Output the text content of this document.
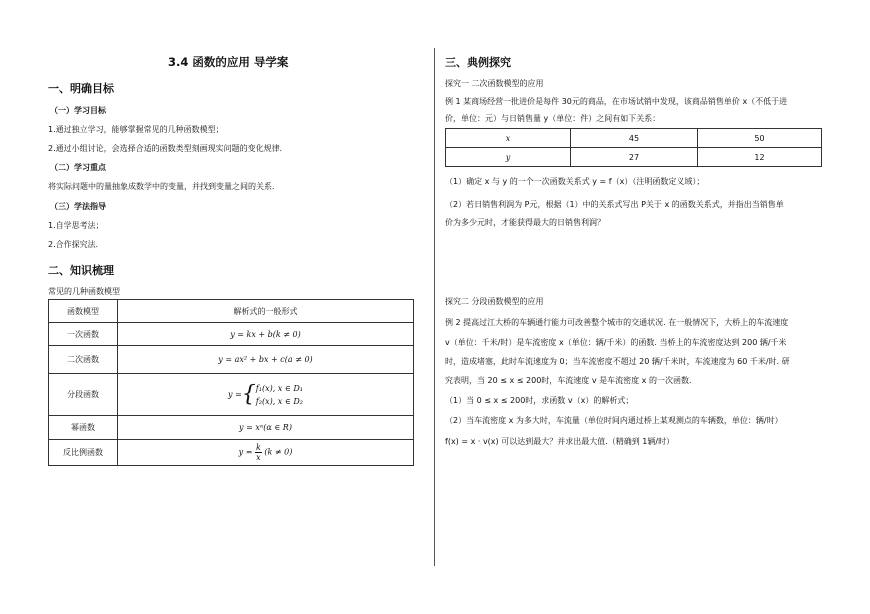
3.4 函数的应用 导学案
一、明确目标
（一）学习目标
1.通过独立学习，能够掌握常见的几种函数模型；
2.通过小组讨论，会选择合适的函数类型刻画现实问题的变化规律．
（二）学习重点
将实际问题中的量抽象成数学中的变量，并找到变量之间的关系．
（三）学法指导
1.自学思考法；
2.合作探究法．
二、知识梳理
常见的几种函数模型
函数模型	解析式的一般形式
一次函数	y = kx + b(k ≠ 0)
二次函数	y = ax² + bx + c(a ≠ 0)
分段函数	y = { f₁(x), x ∈ D₁
f₂(x), x ∈ D₂

幂函数	y = xᵅ(α ∈ R)
反比例函数	$y = \frac{k}{x} (k \ne 0)$
三、典例探究
探究一 二次函数模型的应用
例 1 某商场经营一批进价是每件 30元的商品，在市场试销中发现，该商品销售单价 x（不低于进
价，单位：元）与日销售量 y（单位：件）之间有如下关系：
x	45	50
y	27	12
（1）确定 x 与 y 的一个一次函数关系式 y = f（x）（注明函数定义域）；
（2）若日销售利润为 P元，根据（1）中的关系式写出 P关于 x 的函数关系式，并指出当销售单
价为多少元时，才能获得最大的日销售利润？
探究二 分段函数模型的应用
例 2 提高过江大桥的车辆通行能力可改善整个城市的交通状况. 在一般情况下，大桥上的车流速度
v（单位：千米/时）是车流密度 x（单位：辆/千米）的函数. 当桥上的车流密度达到 200 辆/千米
时，造成堵塞，此时车流速度为 0；当车流密度不超过 20 辆/千米时，车流速度为 60 千米/时. 研
究表明，当 20 ≤ x ≤ 200时，车流速度 v 是车流密度 x 的一次函数.
（1）当 0 ≤ x ≤ 200时，求函数 v（x）的解析式；
（2）当车流密度 x 为多大时，车流量（单位时间内通过桥上某观测点的车辆数，单位：辆/时）
f(x) = x · v(x) 可以达到最大？并求出最大值.（精确到 1辆/时）
